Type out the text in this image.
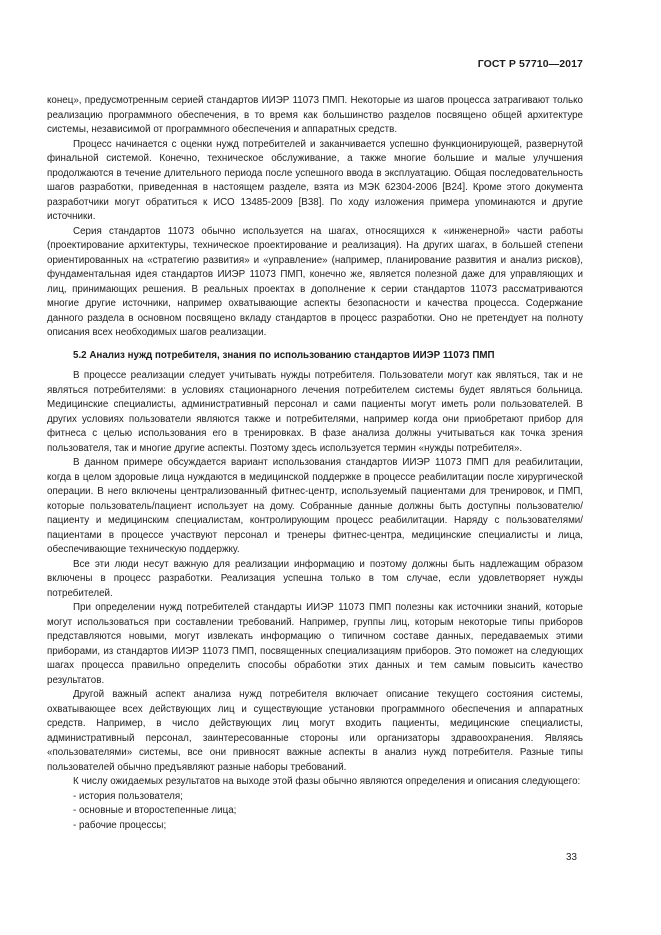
ГОСТ Р 57710—2017

конец», предусмотренным серией стандартов ИИЭР 11073 ПМП. Некоторые из шагов процесса затрагивают только реализацию программного обеспечения, в то время как большинство разделов посвящено общей архитектуре системы, независимой от программного обеспечения и аппаратных средств.

Процесс начинается с оценки нужд потребителей и заканчивается успешно функционирующей, развернутой финальной системой. Конечно, техническое обслуживание, а также многие большие и малые улучшения продолжаются в течение длительного периода после успешного ввода в эксплуатацию. Общая последовательность шагов разработки, приведенная в настоящем разделе, взята из МЭК 62304-2006 [B24]. Кроме этого документа разработчики могут обратиться к ИСО 13485-2009 [B38]. По ходу изложения примера упоминаются и другие источники.

Серия стандартов 11073 обычно используется на шагах, относящихся к «инженерной» части работы (проектирование архитектуры, техническое проектирование и реализация). На других шагах, в большей степени ориентированных на «стратегию развития» и «управление» (например, планирование развития и анализ рисков), фундаментальная идея стандартов ИИЭР 11073 ПМП, конечно же, является полезной даже для управляющих и лиц, принимающих решения. В реальных проектах в дополнение к серии стандартов 11073 рассматриваются многие другие источники, например охватывающие аспекты безопасности и качества процесса. Содержание данного раздела в основном посвящено вкладу стандартов в процесс разработки. Оно не претендует на полноту описания всех необходимых шагов реализации.

5.2 Анализ нужд потребителя, знания по использованию стандартов ИИЭР 11073 ПМП

В процессе реализации следует учитывать нужды потребителя. Пользователи могут как являться, так и не являться потребителями: в условиях стационарного лечения потребителем системы будет являться больница. Медицинские специалисты, административный персонал и сами пациенты могут иметь роли пользователей. В других условиях пользователи являются также и потребителями, например когда они приобретают прибор для фитнеса с целью использования его в тренировках. В фазе анализа должны учитываться как точка зрения пользователя, так и многие другие аспекты. Поэтому здесь используется термин «нужды потребителя».

В данном примере обсуждается вариант использования стандартов ИИЭР 11073 ПМП для реабилитации, когда в целом здоровые лица нуждаются в медицинской поддержке в процессе реабилитации после хирургической операции. В него включены централизованный фитнес-центр, используемый пациентами для тренировок, и ПМП, которые пользователь/пациент использует на дому. Собранные данные должны быть доступны пользователю/пациенту и медицинским специалистам, контролирующим процесс реабилитации. Наряду с пользователями/пациентами в процессе участвуют персонал и тренеры фитнес-центра, медицинские специалисты и лица, обеспечивающие техническую поддержку.

Все эти люди несут важную для реализации информацию и поэтому должны быть надлежащим образом включены в процесс разработки. Реализация успешна только в том случае, если удовлетворяет нужды потребителей.

При определении нужд потребителей стандарты ИИЭР 11073 ПМП полезны как источники знаний, которые могут использоваться при составлении требований. Например, группы лиц, которым некоторые типы приборов представляются новыми, могут извлекать информацию о типичном составе данных, передаваемых этими приборами, из стандартов ИИЭР 11073 ПМП, посвященных специализациям приборов. Это поможет на следующих шагах процесса правильно определить способы обработки этих данных и тем самым повысить качество результатов.

Другой важный аспект анализа нужд потребителя включает описание текущего состояния системы, охватывающее всех действующих лиц и существующие установки программного обеспечения и аппаратных средств. Например, в число действующих лиц могут входить пациенты, медицинские специалисты, административный персонал, заинтересованные стороны или организаторы здравоохранения. Являясь «пользователями» системы, все они привносят важные аспекты в анализ нужд потребителя. Разные типы пользователей обычно предъявляют разные наборы требований.

К числу ожидаемых результатов на выходе этой фазы обычно являются определения и описания следующего:

- история пользователя;
- основные и второстепенные лица;
- рабочие процессы;
33
